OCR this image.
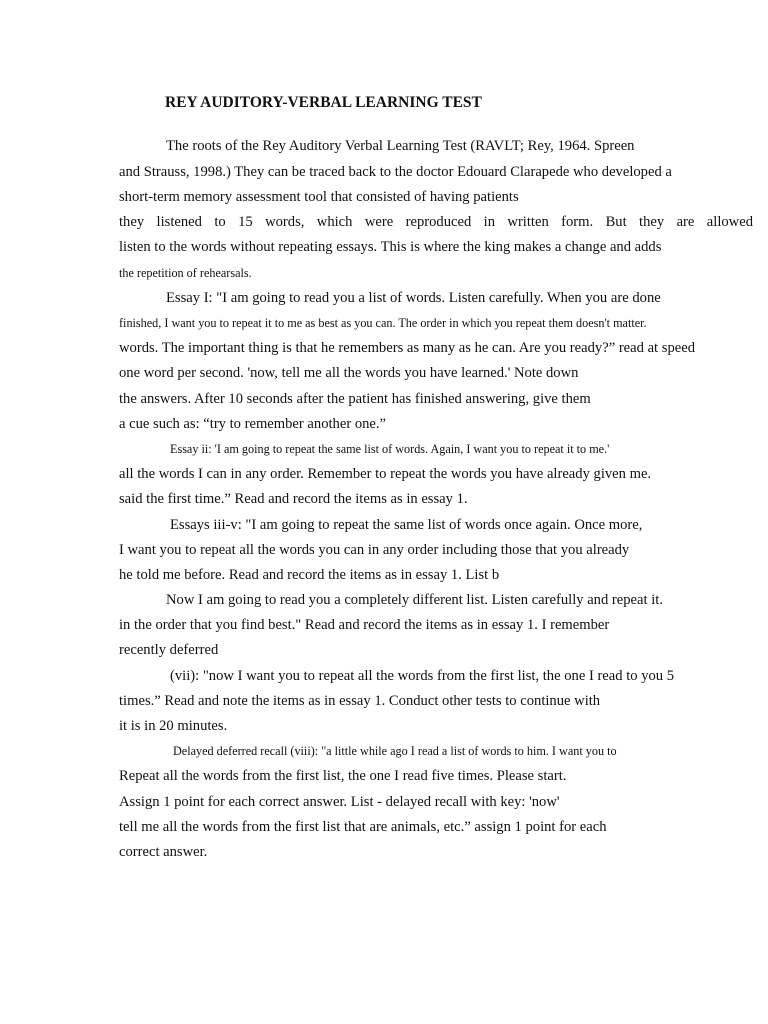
REY AUDITORY-VERBAL LEARNING TEST
The roots of the Rey Auditory Verbal Learning Test (RAVLT; Rey, 1964. Spreen
and Strauss, 1998.) They can be traced back to the doctor Edouard Clarapede who developed a
short-term memory assessment tool that consisted of having patients
they listened to 15 words, which were reproduced in written form. But they are allowed
listen to the words without repeating essays. This is where the king makes a change and adds
the repetition of rehearsals.
Essay I: "I am going to read you a list of words. Listen carefully. When you are done
finished, I want you to repeat it to me as best as you can. The order in which you repeat them doesn't matter.
words. The important thing is that he remembers as many as he can. Are you ready?” read at speed
one word per second. 'now, tell me all the words you have learned.' Note down
the answers. After 10 seconds after the patient has finished answering, give them
a cue such as: “try to remember another one.”
Essay ii: 'I am going to repeat the same list of words. Again, I want you to repeat it to me.'
all the words I can in any order. Remember to repeat the words you have already given me.
said the first time.” Read and record the items as in essay 1.
Essays iii-v: "I am going to repeat the same list of words once again. Once more,
I want you to repeat all the words you can in any order including those that you already
he told me before. Read and record the items as in essay 1. List b
Now I am going to read you a completely different list. Listen carefully and repeat it.
in the order that you find best." Read and record the items as in essay 1. I remember
recently deferred
(vii): "now I want you to repeat all the words from the first list, the one I read to you 5
times.” Read and note the items as in essay 1. Conduct other tests to continue with
it is in 20 minutes.
Delayed deferred recall (viii): "a little while ago I read a list of words to him. I want you to
Repeat all the words from the first list, the one I read five times. Please start.
Assign 1 point for each correct answer. List - delayed recall with key: 'now'
tell me all the words from the first list that are animals, etc.” assign 1 point for each
correct answer.
